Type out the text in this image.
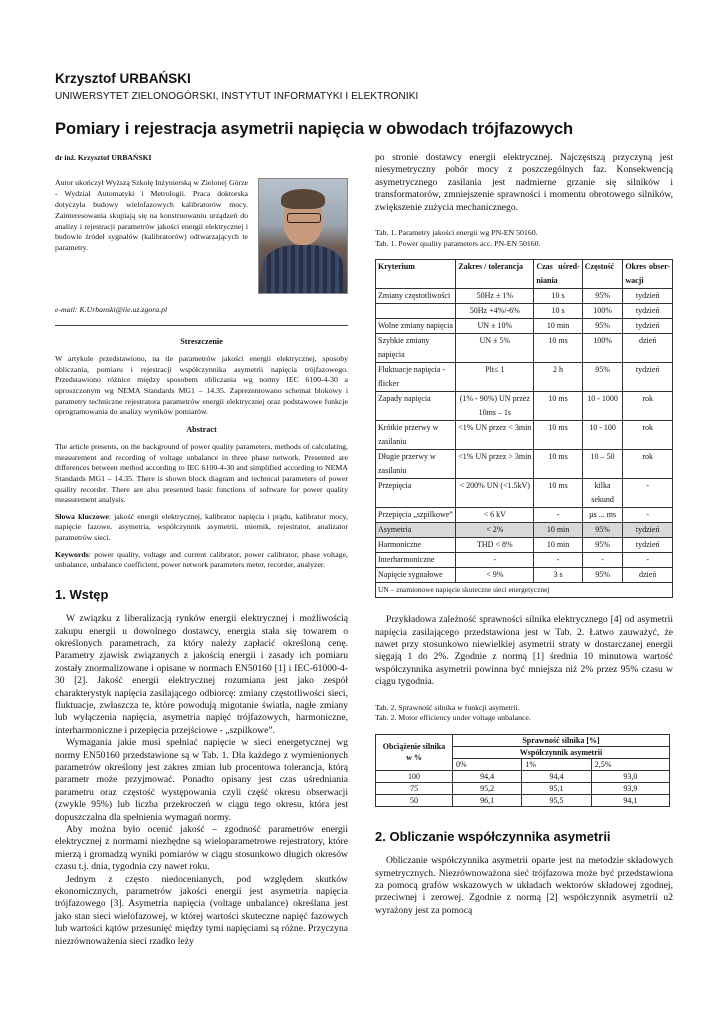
Krzysztof URBAŃSKI
UNIWERSYTET ZIELONOGÓRSKI, INSTYTUT INFORMATYKI I ELEKTRONIKI
Pomiary i rejestracja asymetrii napięcia w obwodach trójfazowych
dr inż. Krzysztof URBAŃSKI
Autor ukończył Wyższą Szkołę Inżynierską w Zielonej Górze - Wydział Automatyki i Metrologii. Praca doktorska dotyczyła budowy wielofazowych kalibratorów mocy. Zainteresowania skupiają się na konstruowaniu urządzeń do analizy i rejestracji parametrów jakości energii elektrycznej i budowie źródeł sygnałów (kalibratorów) odtwarzających te parametry.
e-mail: K.Urbanski@iie.uz.zgora.pl
Streszczenie
W artykule przedstawiono, na tle parametrów jakości energii elektrycznej, sposoby obliczania, pomiaru i rejestracji współczynnika asymetrii napięcia trójfazowego. Przedstawiono różnice między sposobem obliczania wg normy IEC 6100-4-30 a uproszczonym wg NEMA Standards MG1 – 14.35. Zaprezentowano schemat blokowy i parametry techniczne rejestratora parametrów energii elektrycznej oraz podstawowe funkcje oprogramowania do analizy wyników pomiarów.
Abstract
The article presents, on the background of power quality parameters, methods of calculating, measurement and recording of voltage unbalance in three phase network. Presented are differences between method according to IEC 6100-4-30 and simplified according to NEMA Standards MG1 – 14.35. There is shown block diagram and technical parameters of power quality recorder. There are also presented basic functions of software for power quality measurement analysis.
Słowa kluczowe: jakość energii elektrycznej, kalibrator napięcia i prądu, kalibrator mocy, napięcie fazowe, asymetria, współczynnik asymetrii, miernik, rejestrator, analizator parametrów sieci.
Keywords: power quality, voltage and current calibrator, power calibrator, phase voltage, unbalance, unbalance coefficient, power network parameters meter, recorder, analyzer.
1. Wstęp

W związku z liberalizacją rynków energii elektrycznej i możliwością zakupu energii u dowolnego dostawcy, energia stała się towarem o określonych parametrach, za który należy zapłacić określoną cenę. Parametry zjawisk związanych z jakością energii i zasady ich pomiaru zostały znormalizowane i opisane w normach EN50160 [1] i IEC-61000-4-30 [2]. Jakość energii elektrycznej rozumiana jest jako zespół charakterystyk napięcia zasilającego odbiorcę: zmiany częstotliwości sieci, fluktuacje, zwłaszcza te, które powodują migotanie światła, nagłe zmiany lub wyłączenia napięcia, asymetria napięć trójfazowych, harmoniczne, interharmoniczne i przepięcia przejściowe - „szpilkowe”.

Wymagania jakie musi spełniać napięcie w sieci energetycznej wg normy EN50160 przedstawione są w Tab. 1. Dla każdego z wymienionych parametrów określony jest zakres zmian lub procentowa tolerancja, którą parametr może przyjmować. Ponadto opisany jest czas uśredniania parametru oraz częstość występowania czyli część okresu obserwacji (zwykle 95%) lub liczba przekroczeń w ciągu tego okresu, która jest dopuszczalna dla spełnienia wymagań normy.

Aby można było ocenić jakość – zgodność parametrów energii elektrycznej z normami niezbędne są wieloparametrowe rejestratory, które mierzą i gromadzą wyniki pomiarów w ciągu stosunkowo długich okresów czasu t.j. dnia, tygodnia czy nawet roku.

Jednym z często niedocenianych, pod względem skutków ekonomicznych, parametrów jakości energii jest asymetria napięcia trójfazowego [3]. Asymetria napięcia (voltage unbalance) określana jest jako stan sieci wielofazowej, w której wartości skuteczne napięć fazowych lub wartości kątów przesunięć między tymi napięciami są różne. Przyczyna niezrównoważenia sieci rzadko leży

po stronie dostawcy energii elektrycznej. Najczęstszą przyczyną jest niesymetryczny pobór mocy z poszczególnych faz. Konsekwencją asymetrycznego zasilania jest nadmierne grzanie się silników i transformatorów, zmniejszenie sprawności i momentu obrotowego silników, zwiększenie zużycia mechanicznego.

Tab. 1. Parametry jakości energii wg PN-EN 50160.
Tab. 1. Power quality parameters acc. PN-EN 50160.
Kryterium	Zakres / tolerancja	Czas uśred-niania	Częstość	Okres obser-wacji
Zmiany częstotliwości	50Hz ± 1%	10 s	95%	tydzień
	50Hz +4%/-6%	10 s	100%	tydzień
Wolne zmiany napięcia	UN ± 10%	10 min	95%	tydzień
Szybkie zmiany napięcia	UN ± 5%	10 ms	100%	dzień
Fluktuacje napięcia - flicker	Plt≤ 1	2 h	95%	tydzień
Zapady napięcia	(1% - 90%) UN przez 10ms – 1s	10 ms	10 - 1000	rok
Krótkie przerwy w zasilaniu	<1% UN przez < 3min	10 ms	10 - 100	rok
Długie przerwy w zasilaniu	<1% UN przez > 3min	10 ms	10 – 50	rok
Przepięcia	< 200% UN (<1.5kV)	10 ms	kilka sekund	-
Przepięcia „szpilkowe”	< 6 kV	-	µs ... ms	-
Asymetria	< 2%	10 min	95%	tydzień
Harmoniczne	THD < 8%	10 min	95%	tydzień
Interharmoniczne	-	-	-	-
Napięcie sygnałowe	< 9%	3 s	95%	dzień
UN – znamionowe napięcie skuteczne sieci energetycznej				

Przykładowa zależność sprawności silnika elektrycznego [4] od asymetrii napięcia zasilającego przedstawiona jest w Tab. 2. Łatwo zauważyć, że nawet przy stosunkowo niewielkiej asymetrii straty w dostarczanej energii sięgają 1 do 2%. Zgodnie z normą [1] średnia 10 minutowa wartość współczynnika asymetrii powinna być mniejsza niż 2% przez 95% czasu w ciągu tygodnia.

Tab. 2. Sprawność silnika w funkcji asymetrii.
Tab. 2. Motor efficiency under voltage unbalance.
Obciążenie silnika w %	Sprawność silnika [%]		
	Współczynnik asymetrii		
	0%	1%	2,5%
100	94,4	94,4	93,0
75	95,2	95,1	93,9
50	96,1	95,5	94,1
2. Obliczanie współczynnika asymetrii

Obliczanie współczynnika asymetrii oparte jest na metodzie składowych symetrycznych. Niezrównoważona sieć trójfazowa może być przedstawiona za pomocą grafów wskazowych w układach wektorów składowej zgodnej, przeciwnej i zerowej. Zgodnie z normą [2] współczynnik asymetrii u2 wyrażony jest za pomocą
